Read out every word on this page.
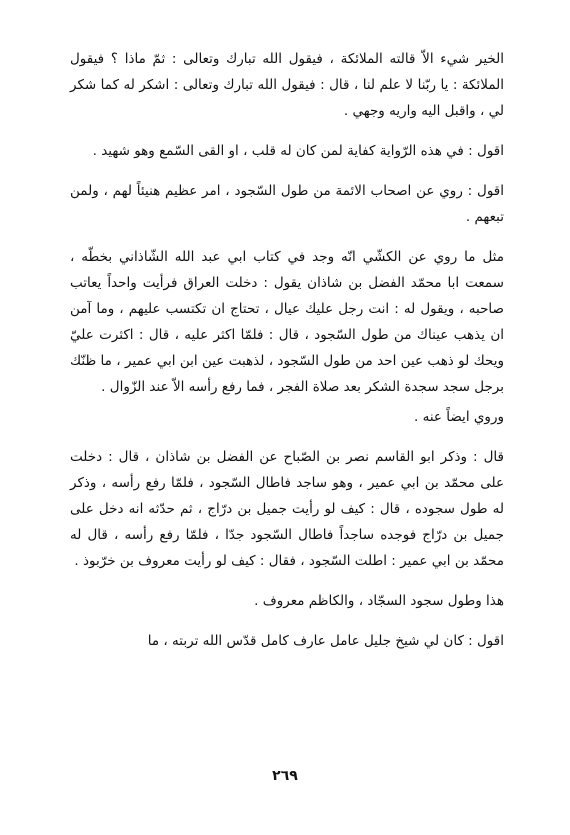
الخير شيء الاّ قالته الملائكة ، فيقول الله تبارك وتعالى : ثمّ ماذا ؟ فيقول الملائكة : يا ربّنا لا علم لنا ، قال : فيقول الله تبارك وتعالى : اشكر له كما شكر لي ، واقبل اليه واريه وجهي .

اقول : في هذه الرّواية كفاية لمن كان له قلب ، او القى السّمع وهو شهيد .

اقول : روي عن اصحاب الائمة من طول السّجود ، امر عظيم هنيئاً لهم ، ولمن تبعهم .

مثل ما روي عن الكشّي انّه وجد في كتاب ابي عبد الله الشّاذاني بخطّه ، سمعت ابا محمّد الفضل بن شاذان يقول : دخلت العراق فرأيت واحداً يعاتب صاحبه ، ويقول له : انت رجل عليك عيال ، تحتاج ان تكتسب عليهم ، وما آمن ان يذهب عيناك من طول السّجود ، قال : فلمّا اكثر عليه ، قال : اكثرت عليّ ويحك لو ذهب عين احد من طول السّجود ، لذهبت عين ابن ابي عمير ، ما ظنّك برجل سجد سجدة الشكر بعد صلاة الفجر ، فما رفع رأسه الاّ عند الزّوال .

وروي ايضاً عنه .

قال : وذكر ابو القاسم نصر بن الصّباح عن الفضل بن شاذان ، قال : دخلت على محمّد بن ابي عمير ، وهو ساجد فاطال السّجود ، فلمّا رفع رأسه ، وذكر له طول سجوده ، قال : كيف لو رأيت جميل بن درّاج ، ثم حدّثه انه دخل على جميل بن درّاج فوجده ساجداً فاطال السّجود جدّا ، فلمّا رفع رأسه ، قال له محمّد بن ابي عمير : اطلت السّجود ، فقال : كيف لو رأيت معروف بن خرّبوذ .

هذا وطول سجود السجّاد ، والكاظم معروف .

اقول : كان لي شيخ جليل عامل عارف كامل قدّس الله تربته ، ما

٢٦٩
